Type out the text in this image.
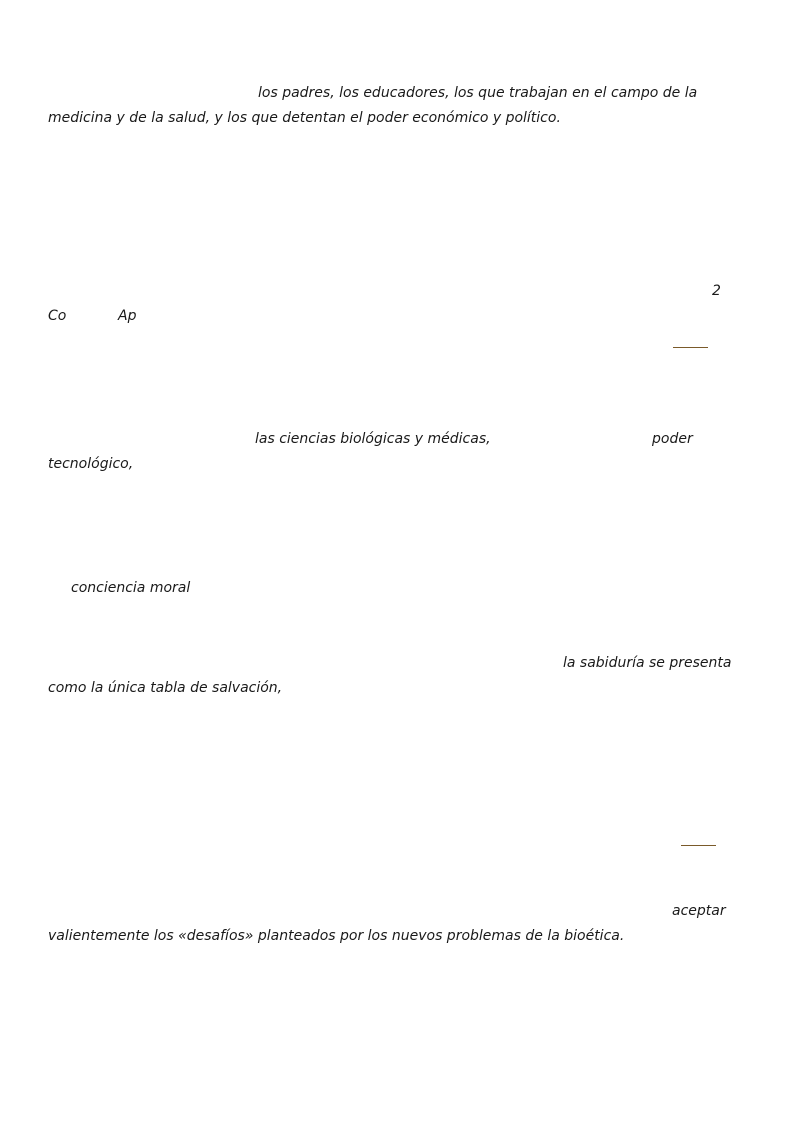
los padres, los educadores, los que trabajan en el campo de la
medicina y de la salud, y los que detentan el poder económico y político.
2
Co	Ap
las ciencias biológicas y médicas,	poder
tecnológico,
conciencia moral
la sabiduría se presenta
como la única tabla de salvación,
aceptar
valientemente los «desafíos» planteados por los nuevos problemas de la bioética.
